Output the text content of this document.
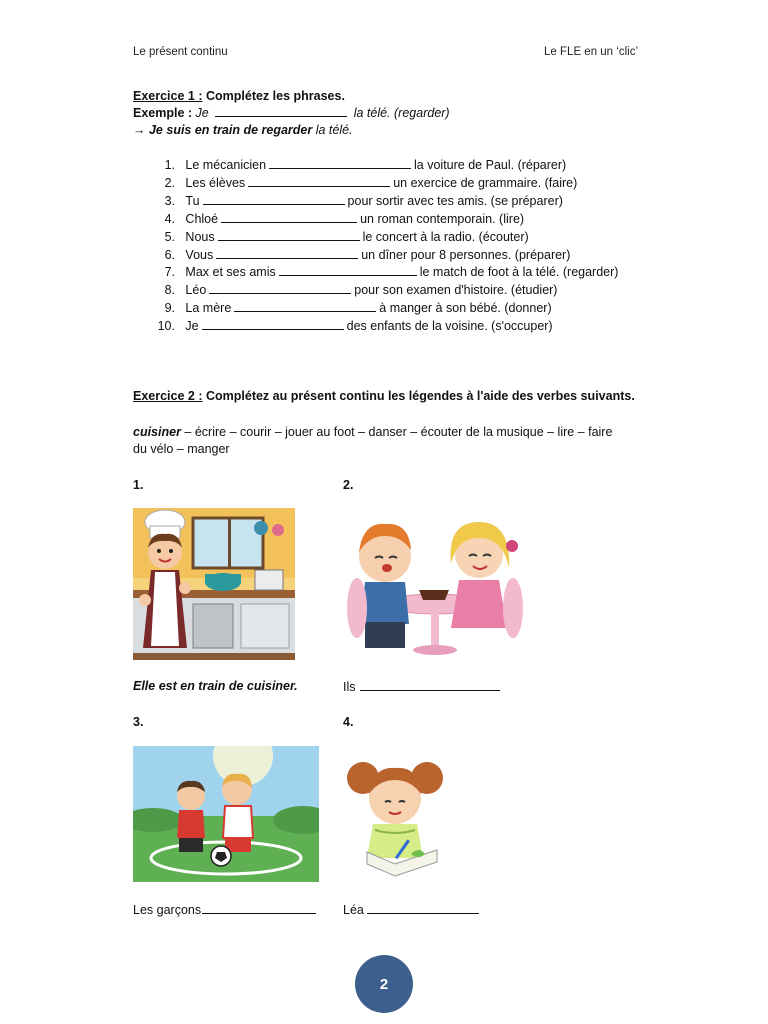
Le présent continu	Le FLE en un ‘clic’
Exercice 1 : Complétez les phrases.
Exemple : Je	la télé. (regarder)
→ Je suis en train de regarder la télé.
1. Le mécanicien	la voiture de Paul. (réparer)
2. Les élèves	un exercice de grammaire. (faire)
3. Tu	pour sortir avec tes amis. (se préparer)
4. Chloé	un roman contemporain. (lire)
5. Nous	le concert à la radio. (écouter)
6. Vous	un dîner pour 8 personnes. (préparer)
7. Max et ses amis	le match de foot à la télé. (regarder)
8. Léo	pour son examen d'histoire. (étudier)
9. La mère	à manger à son bébé. (donner)
10. Je	des enfants de la voisine. (s'occuper)
Exercice 2 : Complétez au présent continu les légendes à l'aide des verbes suivants.
cuisiner – écrire – courir – jouer au foot – danser – écouter de la musique – lire – faire
du vélo – manger
1.	2.
3.	4.
Elle est en train de cuisiner.	Ils
Les garçons	Léa
2
